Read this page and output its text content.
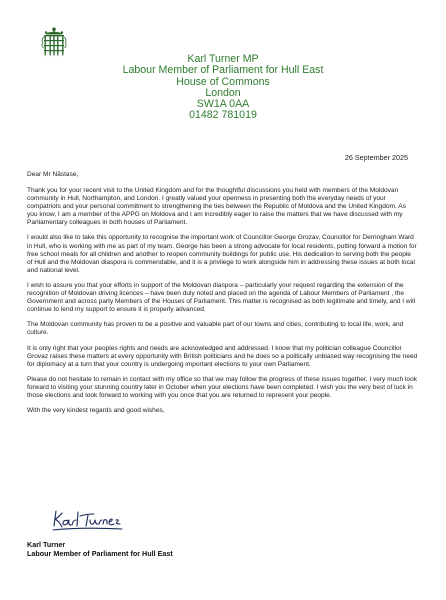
Karl Turner MP
Labour Member of Parliament for Hull East
House of Commons
London
SW1A 0AA
01482 781019
26 September 2025

Dear Mr Năstase,

Thank you for your recent visit to the United Kingdom and for the thoughtful discussions you held with members of the Moldovan community in Hull, Northampton, and London. I greatly valued your openness in presenting both the everyday needs of your compatriots and your personal commitment to strengthening the ties between the Republic of Moldova and the United Kingdom. As you know, I am a member of the APPG on Moldova and I am incredibly eager to raise the matters that we have discussed with my Parliamentary colleagues in both houses of Parliament.

I would also like to take this opportunity to recognise the important work of Councillor George Grozav, Councillor for Derringham Ward in Hull, who is working with me as part of my team. George has been a strong advocate for local residents, putting forward a motion for free school meals for all children and another to reopen community buildings for public use. His dedication to serving both the people of Hull and the Moldovan diaspora is commendable, and it is a privilege to work alongside him in addressing these issues at both local and national level.

I wish to assure you that your efforts in support of the Moldovan diaspora – particularly your request regarding the extension of the recognition of Moldovan driving licences – have been duly noted and placed on the agenda of Labour Members of Parliament , the Government and across party Members of the Houses of Parliament. This matter is recognised as both legitimate and timely, and I will continue to lend my support to ensure it is properly advanced.

The Moldovan community has proven to be a positive and valuable part of our towns and cities, contributing to local life, work, and culture.

It is only right that your peoples rights and needs are acknowledged and addressed. I know that my politician colleague Councillor Grovaz raises these matters at every opportunity with British politicians and he does so a politically unbiased way recognising the need for diplomacy at a turn that your country is undergoing important elections to your own Parliament.

Please do not hesitate to remain in contact with my office so that we may follow the progress of these issues together. I very much look forward to visiting your stunning country later in October when your elections have been completed. I wish you the very best of luck in those elections and look forward to working with you once that you are returned to represent your people.

With the very kindest regards and good wishes,

Karl Turner
Labour Member of Parliament for Hull East
